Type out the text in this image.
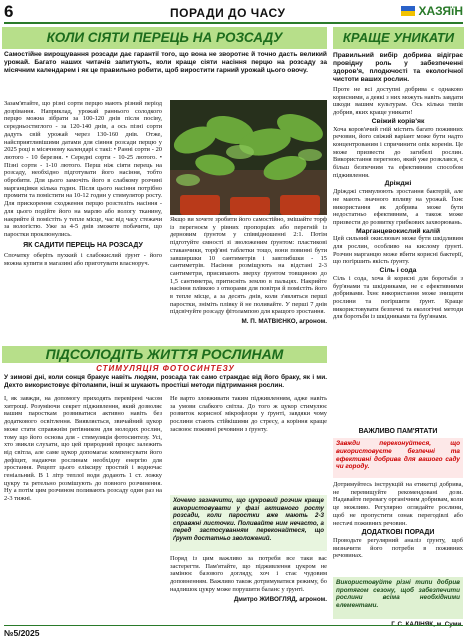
6	ПОРАДИ ДО ЧАСУ	ХАЗЯїН
КОЛИ СІЯТИ ПЕРЕЦЬ НА РОЗСАДУ
Самостійне вирощування розсади дає гарантії того, що вона не зворотнє й точно дасть великий урожай. Багато наших читачів запитують, коли краще сіяти насіння перцю на розсаду за місячним календарем і як це правильно робити, щоб виростити гарний урожай цього овочу.

Зазам'ятайте, що різні сорти перцю мають різний період дозрівання. Наприклад, урожай раннього солодкого перцю можна зібрати за 100-120 днів після посіву, середньостиглого - за 120-140 днів, а ось пізні сорти дадуть свій урожай через 130-160 днів. Отже, найсприятливішими датами для сіяння розсади перцю у 2025 році в місячному календарі є такі: • Ранні сорти - 20 лютого - 10 березня. • Середні сорти - 10-25 лютого. • Пізні сорти - 1-10 лютого. Перш ніж сіяти перець на розсаду, необхідно підготувати його насіння, тобто обробити. Для цього замочіть його в слабкому розчині марганцівки кілька годин. Після цього насіння потрібно промити та помістити на 10-12 годин у стимулятор росту. Для прискорення сходження перцю розстеліть насіння - для цього подійте його на марлю або вологу тканину, накрийте й помістіть у тепле місце, час від часу стежачи за вологістю. Уже за 4-5 днів зможете побачити, що паростки проклюнулись.

ЯК САДИТИ ПЕРЕЦЬ НА РОЗСАДУ

Спочатку оберіть пухкий і слабокислий ґрунт - його можна купити в магазині або приготувати власноруч.

Якщо ви хочете зробити його самостійно, змішайте торф із перегноєм у рівних пропорціях або перегній із дерновим ґрунтом у співвідношенні 2:1. Потім підготуйте ємності зі зволоженим ґрунтом: пластикові стаканчики, торф'яні таблетки тощо, вони повинні бути завширшки 10 сантиметрів і завглибшки - 15 сантиметрів. Насіння розміщують на відстані 2-3 сантиметри, присипають зверху ґрунтом товщиною до 1,5 сантиметра, притисніть землю в пальцях. Накрийте насіння плівкою з отворами для повітря й помістіть його в тепле місце, а за десять днів, коли з'являться перші паростки, зніміть плівку й не поливайте. У перші 7 днів підсвічуйте розсаду фітолампою для кращого зростання.

М. П. МАТВІЄНКО, агроном.

ПІДСОЛОДІТЬ ЖИТТЯ РОСЛИНАМ
СТИМУЛЯЦІЯ ФОТОСИНТЕЗУ
У зимові дні, коли сонця бракує навіть людям, розсада так само страждає від його браку, як і ми. Дехто використовує фітолампи, інші ж шукають простіші методи підтримання рослин.
І, як завжди, на допомогу приходять перевірені часом хитрощі. Розуміючи секрет підживлення, який дозволяє вашим паросткам розвиватися активно навіть без додаткового освітлення. Виявляється, звичайний цукор може стати справжнім рятівником для молодих рослин, тому що його основа для - стимуляція фотосинтезу. Усі, хто звикли слухати, що цей природний процес залежить від світла, але саме цукор допомагає компенсувати його дефіцит, надаючи рослинам необхідну енергію для зростання. Рецепт цього еліксиру простий і водночас геніальний. В 1 літр теплої води додають 1 ст. ложку цукру та ретельно розмішують до повного розчинення. Ну а потім цим розчином поливають розсаду один раз на 2-3 тижні.
Не варто зловживати таким підживленням, адже навіть за умови слабкого світла. До того ж цукор стимулює розвиток корисної мікрофлори у ґрунті, завдяки чому рослини стають стійкішими до стресу, а коріння краще засвоює поживні речовини з ґрунту.
Хочемо зазначити, що цукровий розчин краще використовувати у фазі активного росту розсади, коли паростки вже мають 2-3 справжні листочки. Поливайте ним нечасто, а перед застосуванням переконайтеся, що ґрунт достатньо зволожений.

Поряд із цим важливо за потреби все таки вас застерегти. Пам'ятайте, що підживлення цукром не замінює базового догляду, хоч і стає чудовим доповненням. Важливо також дотримуватися режиму, бо надлишок цукру може порушити баланс у ґрунті.

Дмитро ЖИВОГЛЯД, агроном.

КРАЩЕ УНИКАТИ

Правильний вибір добрива відіграє провідну роль у забезпеченні здоров'я, плодючості та екологічної чистоти ваших рослин.

Проте не всі доступні добрива є однаково корисними, а деякі з них можуть навіть завдати шкоди вашим культурам. Ось кілька типів добрив, яких краще уникати!

Свіжий корів'як

Хоча коров'ячий гній містить багато поживних речовин, його свіжий варіант може бути надто концентрованим і спричинити опік коренів. Це може призвести до загибелі рослин. Використання перегною, який уже розклався, є більш безпечним та ефективним способом підживлення.

Дріжджі

Дріжджі стимулюють зростання бактерій, але не мають значного впливу на урожай. Їхнє використання як добрива може бути недостатньо ефективним, а також може призвести до розвитку грибкових захворювань.

Марганцевокислий калій

Цей сильний окислювач може бути шкідливим для рослин, особливо на кислому ґрунті. Розчин марганцю може вбити корисні бактерії, що погіршить якість ґрунту.

Сіль і сода

Сіль і сода, хоча й корисні для боротьби з бур'янами та шкідниками, не є ефективними добривами. Їхнє використання може знищити рослини та погіршити ґрунт. Краще використовувати безпечні та екологічні методи для боротьби із шкідниками та бур'янами.

ВАЖЛИВО ПАМ'ЯТАТИ
Завжди переконуйтеся, що використовуєте безпечні та ефективні добрива для вашого саду чи городу.

Дотримуйтесь інструкцій на етикетці добрива, не перевищуйте рекомендовані дози. Надавайте перевагу органічним добривам, коли це можливо. Регулярно оглядайте рослини, щоб не пропустити ознак перегодівлі або нестачі поживних речовин.

ДОДАТКОВІ ПОРАДИ

Проводьте регулярний аналіз ґрунту, щоб визначити його потреби в поживних речовинах.

Використовуйте різні типи добрив протягом сезону, щоб забезпечити рослини всіма необхідними елементами.
№5/2025
